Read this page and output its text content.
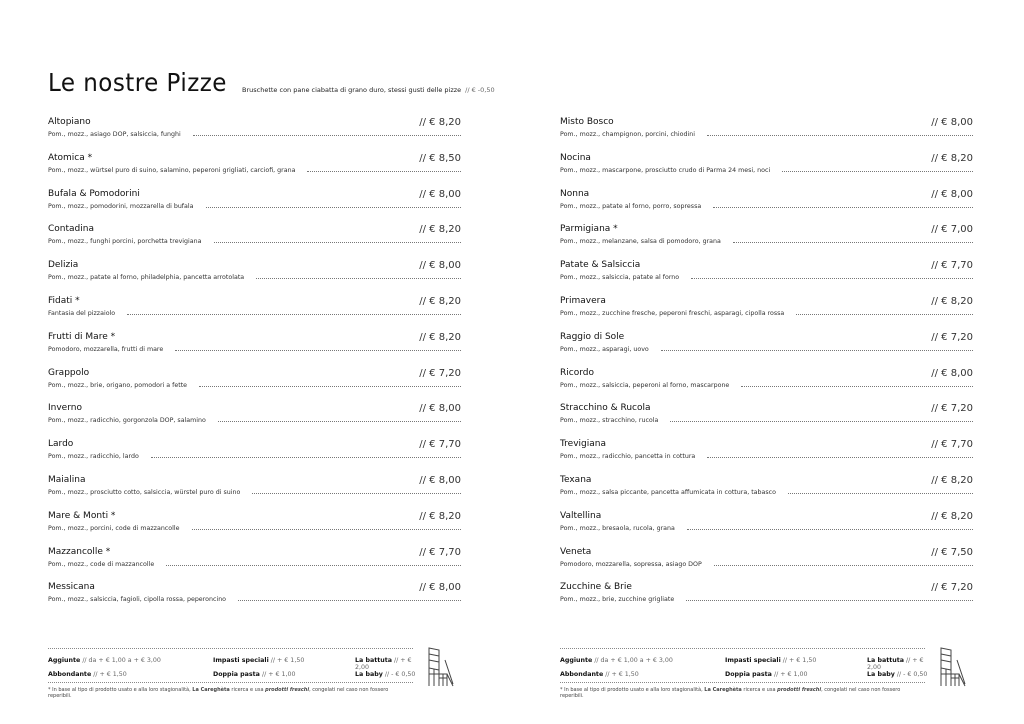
Le nostre Pizze Bruschette con pane ciabatta di grano duro, stessi gusti delle pizze // € -0,50
Altopiano	// € 8,20
Pom., mozz., asiago DOP, salsiccia, funghi
Atomica *	// € 8,50
Pom., mozz., würtsel puro di suino, salamino, peperoni grigliati, carciofi, grana
Bufala & Pomodorini	// € 8,00
Pom., mozz., pomodorini, mozzarella di bufala
Contadina	// € 8,20
Pom., mozz., funghi porcini, porchetta trevigiana
Delizia	// € 8,00
Pom., mozz., patate al forno, philadelphia, pancetta arrotolata
Fidati *	// € 8,20
Fantasia del pizzaiolo
Frutti di Mare *	// € 8,20
Pomodoro, mozzarella, frutti di mare
Grappolo	// € 7,20
Pom., mozz., brie, origano, pomodori a fette
Inverno	// € 8,00
Pom., mozz., radicchio, gorgonzola DOP, salamino
Lardo	// € 7,70
Pom., mozz., radicchio, lardo
Maialina	// € 8,00
Pom., mozz., prosciutto cotto, salsiccia, würstel puro di suino
Mare & Monti *	// € 8,20
Pom., mozz., porcini, code di mazzancolle
Mazzancolle *	// € 7,70
Pom., mozz., code di mazzancolle
Messicana	// € 8,00
Pom., mozz., salsiccia, fagioli, cipolla rossa, peperoncino
Misto Bosco	// € 8,00
Pom., mozz., champignon, porcini, chiodini
Nocina	// € 8,20
Pom., mozz., mascarpone, prosciutto crudo di Parma 24 mesi, noci
Nonna	// € 8,00
Pom., mozz., patate al forno, porro, sopressa
Parmigiana *	// € 7,00
Pom., mozz., melanzane, salsa di pomodoro, grana
Patate & Salsiccia	// € 7,70
Pom., mozz., salsiccia, patate al forno
Primavera	// € 8,20
Pom., mozz., zucchine fresche, peperoni freschi, asparagi, cipolla rossa
Raggio di Sole	// € 7,20
Pom., mozz., asparagi, uovo
Ricordo	// € 8,00
Pom., mozz., salsiccia, peperoni al forno, mascarpone
Stracchino & Rucola	// € 7,20
Pom., mozz., stracchino, rucola
Trevigiana	// € 7,70
Pom., mozz., radicchio, pancetta in cottura
Texana	// € 8,20
Pom., mozz., salsa piccante, pancetta affumicata in cottura, tabasco
Valtellina	// € 8,20
Pom., mozz., bresaola, rucola, grana
Veneta	// € 7,50
Pomodoro, mozzarella, sopressa, asiago DOP
Zucchine & Brie	// € 7,20
Pom., mozz., brie, zucchine grigliate
Aggiunte // da + € 1,00 a + € 3,00	Impasti speciali // + € 1,50	La battuta // + € 2,00
Abbondante // + € 1,50	Doppia pasta // + € 1,00	La baby // - € 0,50
* In base al tipo di prodotto usato e alla loro stagionalità, La Careghèta ricerca e usa prodotti freschi, congelati nel caso non fossero reperibili.
Aggiunte // da + € 1,00 a + € 3,00	Impasti speciali // + € 1,50	La battuta // + € 2,00
Abbondante // + € 1,50	Doppia pasta // + € 1,00	La baby // - € 0,50
* In base al tipo di prodotto usato e alla loro stagionalità, La Careghèta ricerca e usa prodotti freschi, congelati nel caso non fossero reperibili.
